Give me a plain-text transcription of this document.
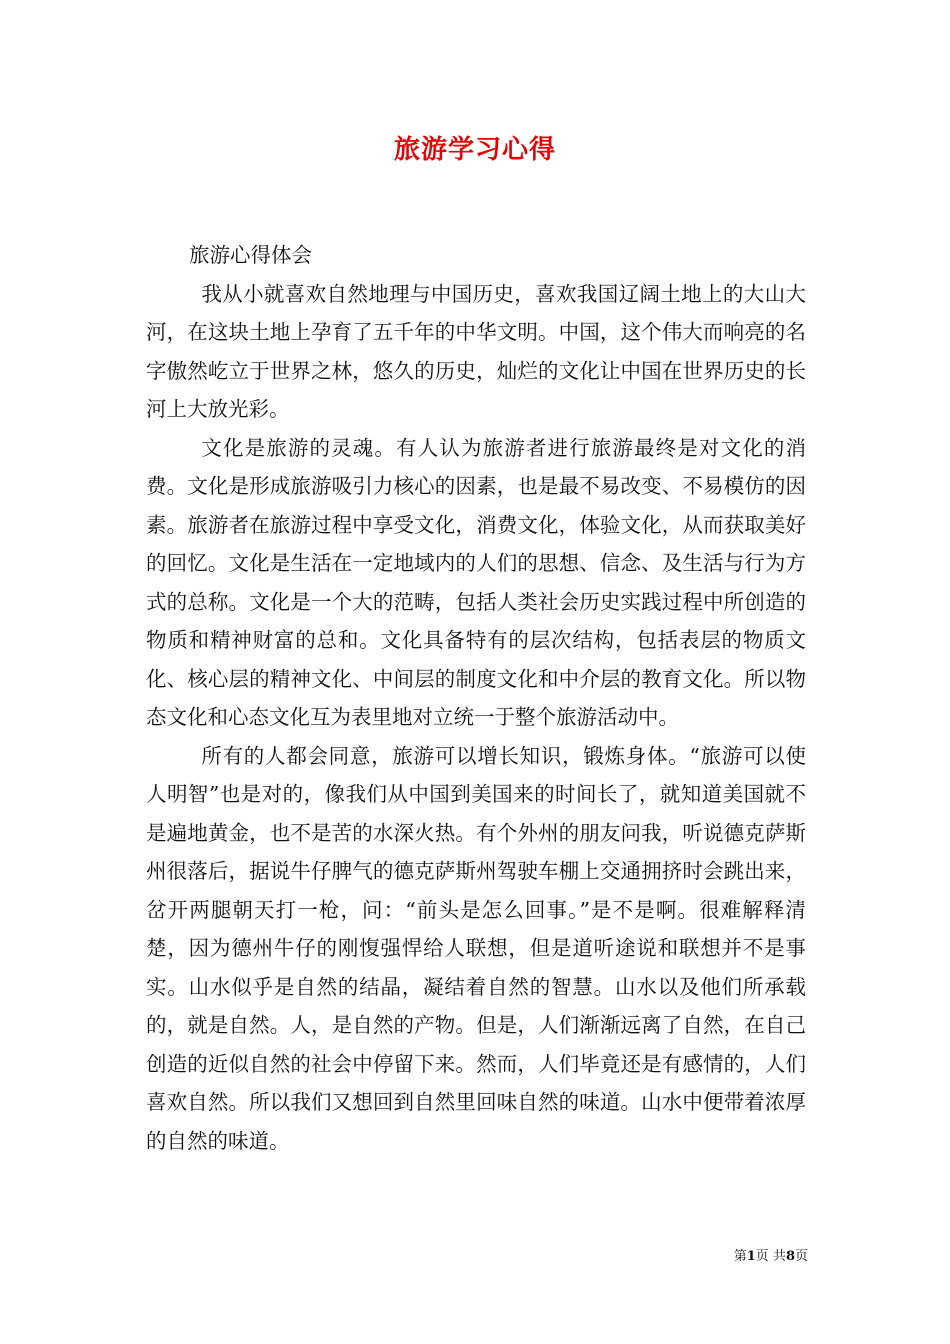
旅游学习心得

旅游心得体会

我从小就喜欢自然地理与中国历史，喜欢我国辽阔土地上的大山大河，在这块土地上孕育了五千年的中华文明。中国，这个伟大而响亮的名字傲然屹立于世界之林，悠久的历史，灿烂的文化让中国在世界历史的长河上大放光彩。

文化是旅游的灵魂。有人认为旅游者进行旅游最终是对文化的消费。文化是形成旅游吸引力核心的因素，也是最不易改变、不易模仿的因素。旅游者在旅游过程中享受文化，消费文化，体验文化，从而获取美好的回忆。文化是生活在一定地域内的人们的思想、信念、及生活与行为方式的总称。文化是一个大的范畴，包括人类社会历史实践过程中所创造的物质和精神财富的总和。文化具备特有的层次结构，包括表层的物质文化、核心层的精神文化、中间层的制度文化和中介层的教育文化。所以物态文化和心态文化互为表里地对立统一于整个旅游活动中。

所有的人都会同意，旅游可以增长知识，锻炼身体。“旅游可以使人明智”也是对的，像我们从中国到美国来的时间长了，就知道美国就不是遍地黄金，也不是苦的水深火热。有个外州的朋友问我，听说德克萨斯州很落后，据说牛仔脾气的德克萨斯州驾驶车棚上交通拥挤时会跳出来，岔开两腿朝天打一枪，问：“前头是怎么回事。”是不是啊。很难解释清楚，因为德州牛仔的刚愎强悍给人联想，但是道听途说和联想并不是事实。山水似乎是自然的结晶，凝结着自然的智慧。山水以及他们所承载的，就是自然。人，是自然的产物。但是，人们渐渐远离了自然，在自己创造的近似自然的社会中停留下来。然而，人们毕竟还是有感情的，人们喜欢自然。所以我们又想回到自然里回味自然的味道。山水中便带着浓厚的自然的味道。

第1页 共8页
